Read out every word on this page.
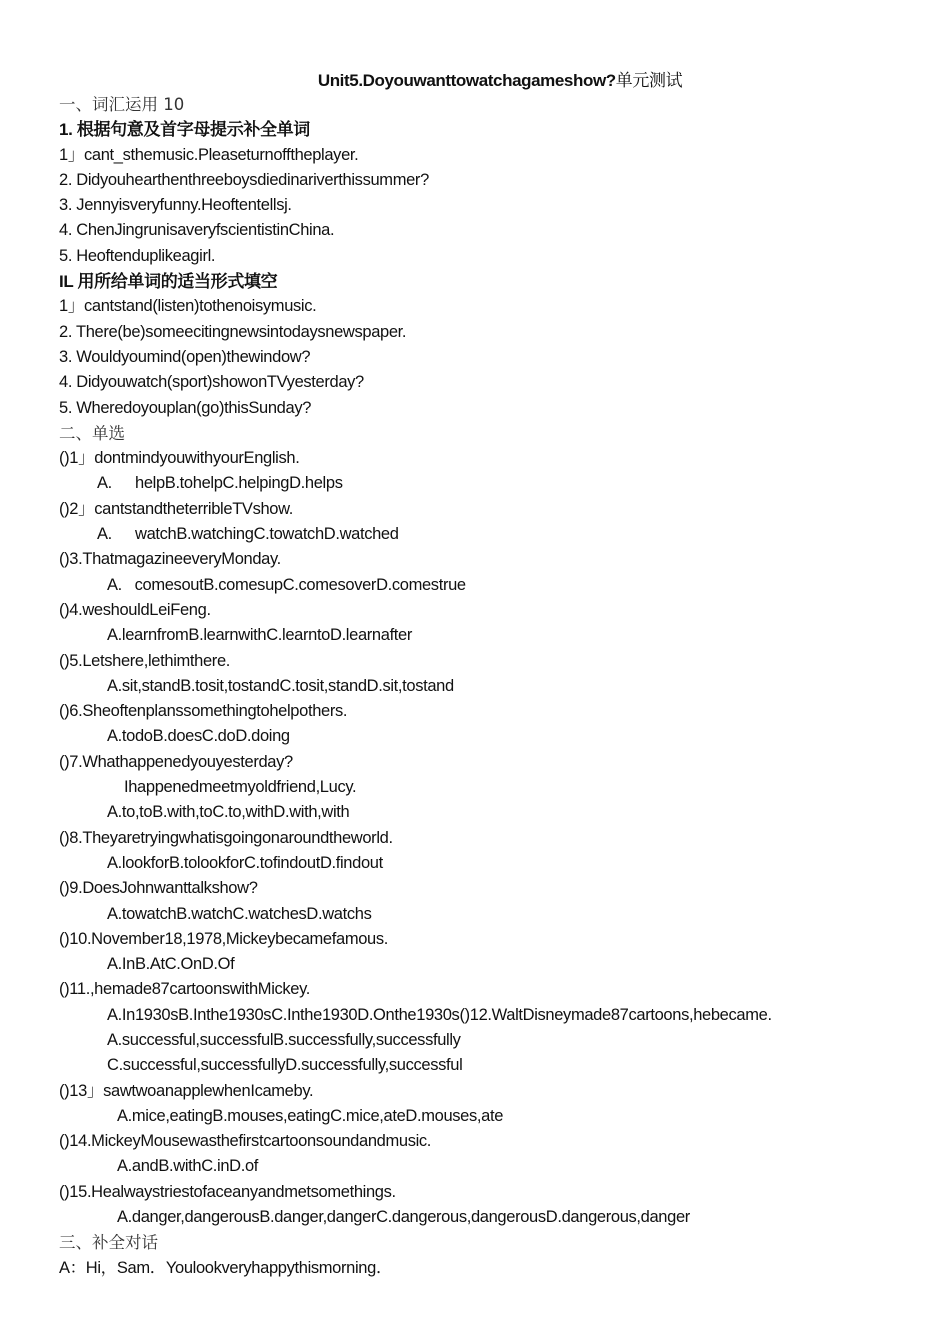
Unit5.Doyouwanttowatchagameshow?单元测试
一、词汇运用 10
1. 根据句意及首字母提示补全单词
1」cant_sthemusic.Pleaseturnofftheplayer.
2. Didyouhearthenthreeboysdiedinariverthissummer?
3. Jennyisveryfunny.Heoftentellsj.
4. ChenJingrunisaveryfscientistinChina.
5. Heoftenduplikeagirl.
IL 用所给单词的适当形式填空
1」cantstand(listen)tothenoisymusic.
2. There(be)someecitingnewsintodaysnewspaper.
3. Wouldyoumind(open)thewindow?
4. Didyouwatch(sport)showonTVyesterday?
5. Wheredoyouplan(go)thisSunday?
二、单选
()1」dontmindyouwithyourEnglish.
A. helpB.tohelpC.helpingD.helps
()2」cantstandtheterribleTVshow.
A. watchB.watchingC.towatchD.watched
()3.ThatmagazineeveryMonday.
A.   comesoutB.comesupC.comesoverD.comestrue
()4.weshouldLeiFeng.
A.learnfromB.learnwithC.learntoD.learnafter
()5.Letshere,lethimthere.
A.sit,standB.tosit,tostandC.tosit,standD.sit,tostand
()6.Sheoftenplanssomethingtohelpothers.
A.todoB.doesC.doD.doing
()7.Whathappenedyouyesterday?
Ihappenedmeetmyoldfriend,Lucy.
A.to,toB.with,toC.to,withD.with,with
()8.Theyaretryingwhatisgoingonaroundtheworld.
A.lookforB.tolookforC.tofindoutD.findout
()9.DoesJohnwanttalkshow?
A.towatchB.watchC.watchesD.watchs
()10.November18,1978,Mickeybecamefamous.
A.InB.AtC.OnD.Of
()11.,hemade87cartoonswithMickey.
A.In1930sB.Inthe1930sC.Inthe1930D.Onthe1930s()12.WaltDisneymade87cartoons,hebecame.
A.successful,successfulB.successfully,successfully
C.successful,successfullyD.successfully,successful
()13」sawtwoanapplewhenIcameby.
A.mice,eatingB.mouses,eatingC.mice,ateD.mouses,ate
()14.MickeyMousewasthefirstcartoonsoundandmusic.
A.andB.withC.inD.of
()15.Healwaystriestofaceanyandmetsomethings.
A.danger,dangerousB.danger,dangerC.dangerous,dangerousD.dangerous,danger
三、补全对话
A：Hi，Sam．Youlookveryhappythismorning．
